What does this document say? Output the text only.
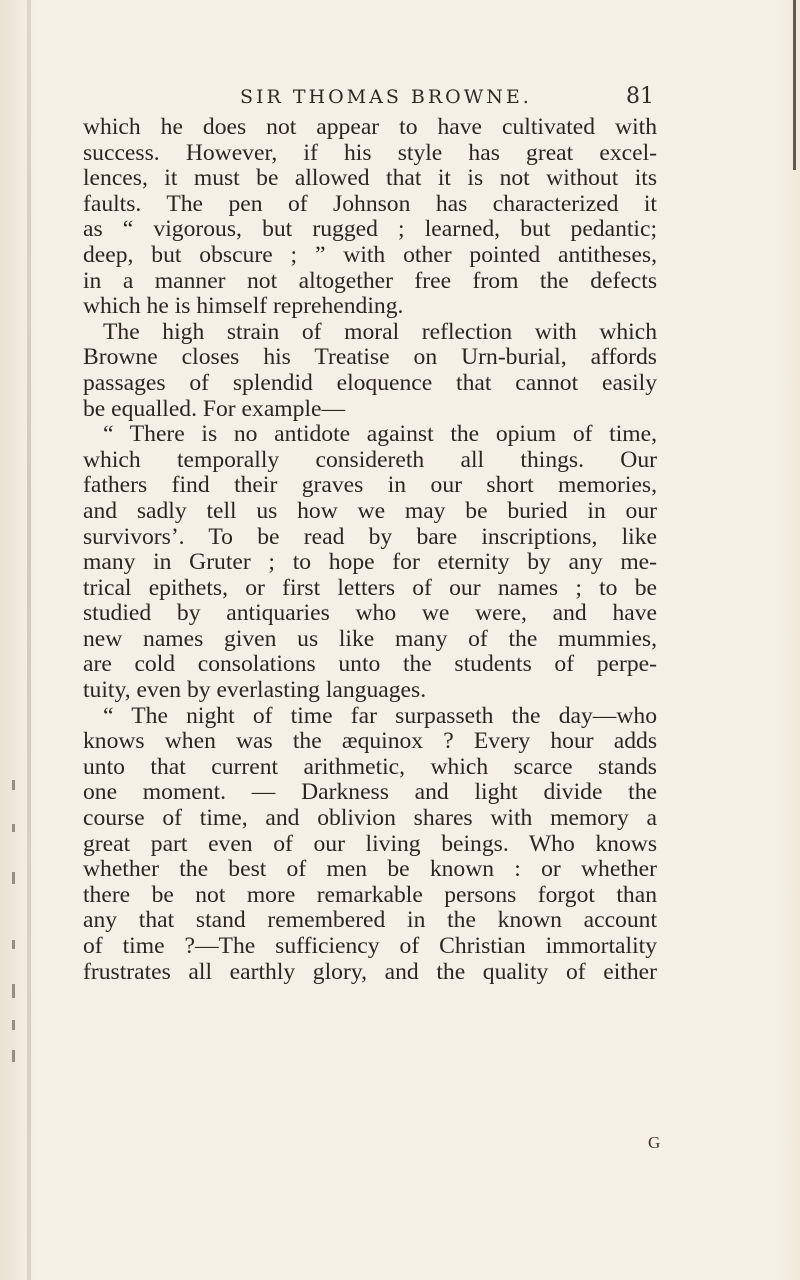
SIR THOMAS BROWNE.	81
which he does not appear to have cultivated with
success. However, if his style has great excel-
lences, it must be allowed that it is not without its
faults. The pen of Johnson has characterized it
as “ vigorous, but rugged ; learned, but pedantic;
deep, but obscure ; ” with other pointed antitheses,
in a manner not altogether free from the defects
which he is himself reprehending.
The high strain of moral reflection with which
Browne closes his Treatise on Urn-burial, affords
passages of splendid eloquence that cannot easily
be equalled. For example—
“ There is no antidote against the opium of time,
which temporally considereth all things. Our
fathers find their graves in our short memories,
and sadly tell us how we may be buried in our
survivors’. To be read by bare inscriptions, like
many in Gruter ; to hope for eternity by any me-
trical epithets, or first letters of our names ; to be
studied by antiquaries who we were, and have
new names given us like many of the mummies,
are cold consolations unto the students of perpe-
tuity, even by everlasting languages.
“ The night of time far surpasseth the day—who
knows when was the æquinox ? Every hour adds
unto that current arithmetic, which scarce stands
one moment. — Darkness and light divide the
course of time, and oblivion shares with memory a
great part even of our living beings. Who knows
whether the best of men be known : or whether
there be not more remarkable persons forgot than
any that stand remembered in the known account
of time ?—The sufficiency of Christian immortality
frustrates all earthly glory, and the quality of either
G
